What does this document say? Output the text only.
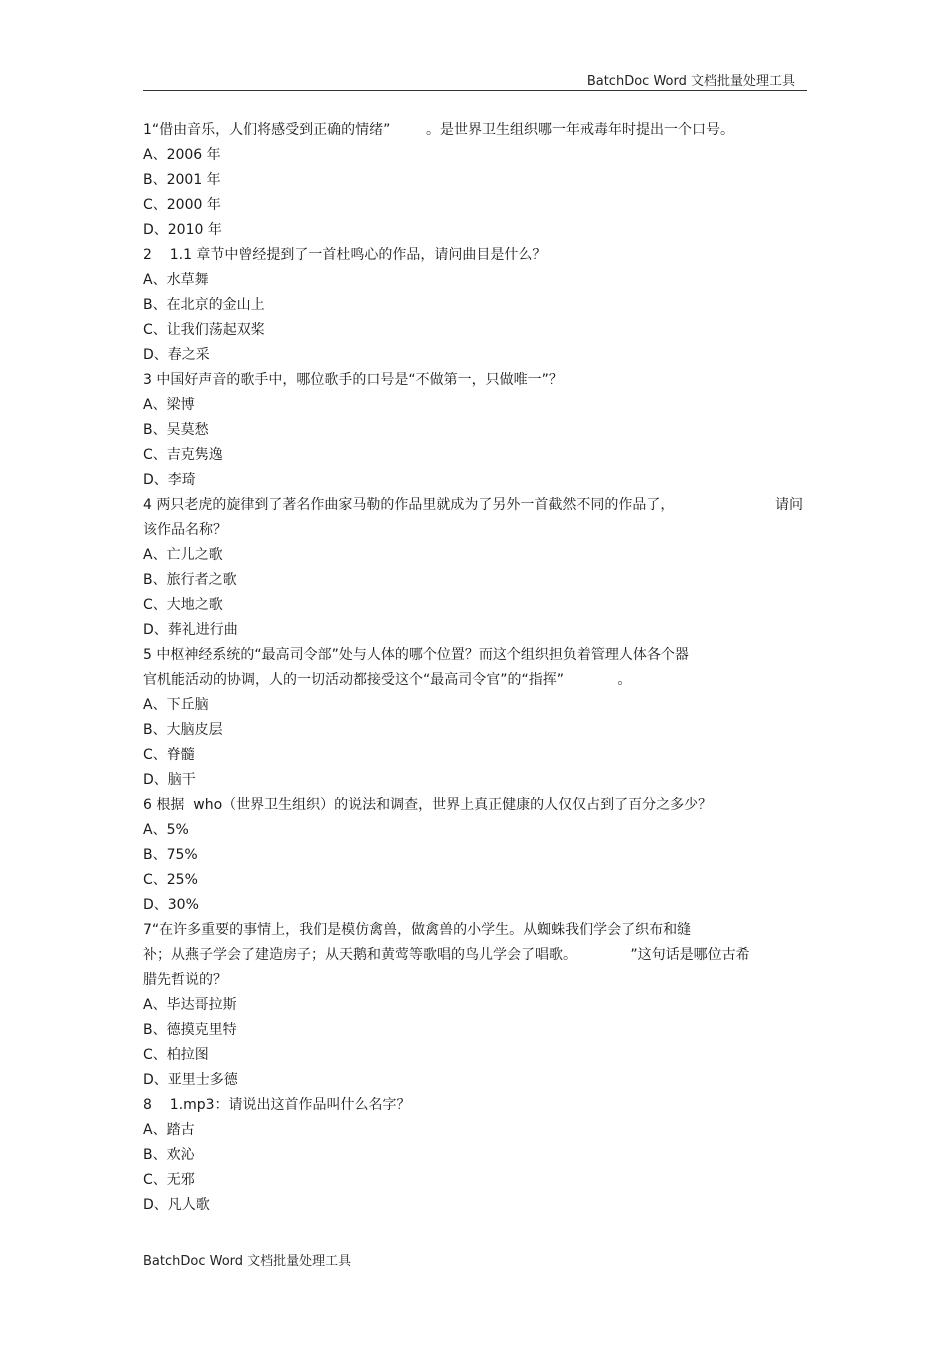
BatchDoc Word 文档批量处理工具
1“借由音乐，人们将感受到正确的情绪”        。是世界卫生组织哪一年戒毒年时提出一个口号。
A、2006 年
B、2001 年
C、2000 年
D、2010 年
2    1.1 章节中曾经提到了一首杜鸣心的作品，请问曲目是什么？
A、水草舞
B、在北京的金山上
C、让我们荡起双桨
D、春之采
3 中国好声音的歌手中，哪位歌手的口号是“不做第一，只做唯一”？
A、梁博
B、吴莫愁
C、吉克隽逸
D、李琦
4 两只老虎的旋律到了著名作曲家马勒的作品里就成为了另外一首截然不同的作品了，
该作品名称？
A、亡儿之歌
B、旅行者之歌
C、大地之歌
D、葬礼进行曲
5 中枢神经系统的“最高司令部”处与人体的哪个位置？而这个组织担负着管理人体各个器
官机能活动的协调，人的一切活动都接受这个“最高司令官”的“指挥”            。
A、下丘脑
B、大脑皮层
C、脊髓
D、脑干
6 根据  who（世界卫生组织）的说法和调查，世界上真正健康的人仅仅占到了百分之多少？
A、5%
B、75%
C、25%
D、30%
7“在许多重要的事情上，我们是模仿禽兽，做禽兽的小学生。从蜘蛛我们学会了织布和缝
补；从燕子学会了建造房子；从天鹅和黄莺等歌唱的鸟儿学会了唱歌。            ”这句话是哪位古希
腊先哲说的？
A、毕达哥拉斯
B、德摸克里特
C、柏拉图
D、亚里士多德
8    1.mp3：请说出这首作品叫什么名字？
A、踏古
B、欢沁
C、无邪
D、凡人歌
请问
BatchDoc Word 文档批量处理工具
